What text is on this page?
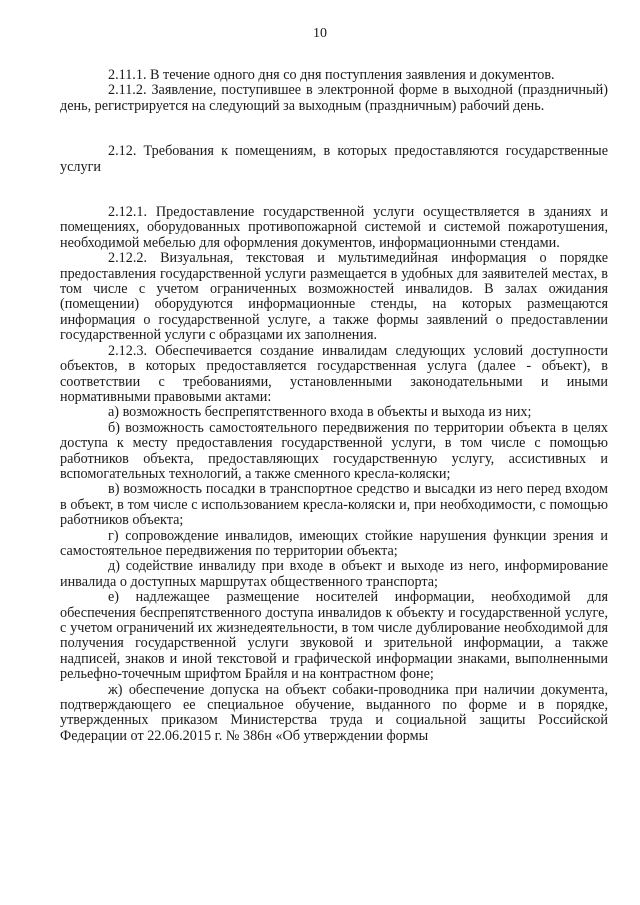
10

2.11.1. В течение одного дня со дня поступления заявления и документов.

2.11.2. Заявление, поступившее в электронной форме в выходной (праздничный) день, регистрируется на следующий за выходным (праздничным) рабочий день.

2.12. Требования к помещениям, в которых предоставляются государственные услуги

2.12.1. Предоставление государственной услуги осуществляется в зданиях и помещениях, оборудованных противопожарной системой и системой пожаротушения, необходимой мебелью для оформления документов, информационными стендами.

2.12.2. Визуальная, текстовая и мультимедийная информация о порядке предоставления государственной услуги размещается в удобных для заявителей местах, в том числе с учетом ограниченных возможностей инвалидов. В залах ожидания (помещении) оборудуются информационные стенды, на которых размещаются информация о государственной услуге, а также формы заявлений о предоставлении государственной услуги с образцами их заполнения.

2.12.3. Обеспечивается создание инвалидам следующих условий доступности объектов, в которых предоставляется государственная услуга (далее - объект), в соответствии с требованиями, установленными законодательными и иными нормативными правовыми актами:

а) возможность беспрепятственного входа в объекты и выхода из них;

б) возможность самостоятельного передвижения по территории объекта в целях доступа к месту предоставления государственной услуги, в том числе с помощью работников объекта, предоставляющих государственную услугу, ассистивных и вспомогательных технологий, а также сменного кресла-коляски;

в) возможность посадки в транспортное средство и высадки из него перед входом в объект, в том числе с использованием кресла-коляски и, при необходимости, с помощью работников объекта;

г) сопровождение инвалидов, имеющих стойкие нарушения функции зрения и самостоятельное передвижения по территории объекта;

д) содействие инвалиду при входе в объект и выходе из него, информирование инвалида о доступных маршрутах общественного транспорта;

е) надлежащее размещение носителей информации, необходимой для обеспечения беспрепятственного доступа инвалидов к объекту и государственной услуге, с учетом ограничений их жизнедеятельности, в том числе дублирование необходимой для получения государственной услуги звуковой и зрительной информации, а также надписей, знаков и иной текстовой и графической информации знаками, выполненными рельефно-точечным шрифтом Брайля и на контрастном фоне;

ж) обеспечение допуска на объект собаки-проводника при наличии документа, подтверждающего ее специальное обучение, выданного по форме и в порядке, утвержденных приказом Министерства труда и социальной защиты Российской Федерации от 22.06.2015 г. № 386н «Об утверждении формы
